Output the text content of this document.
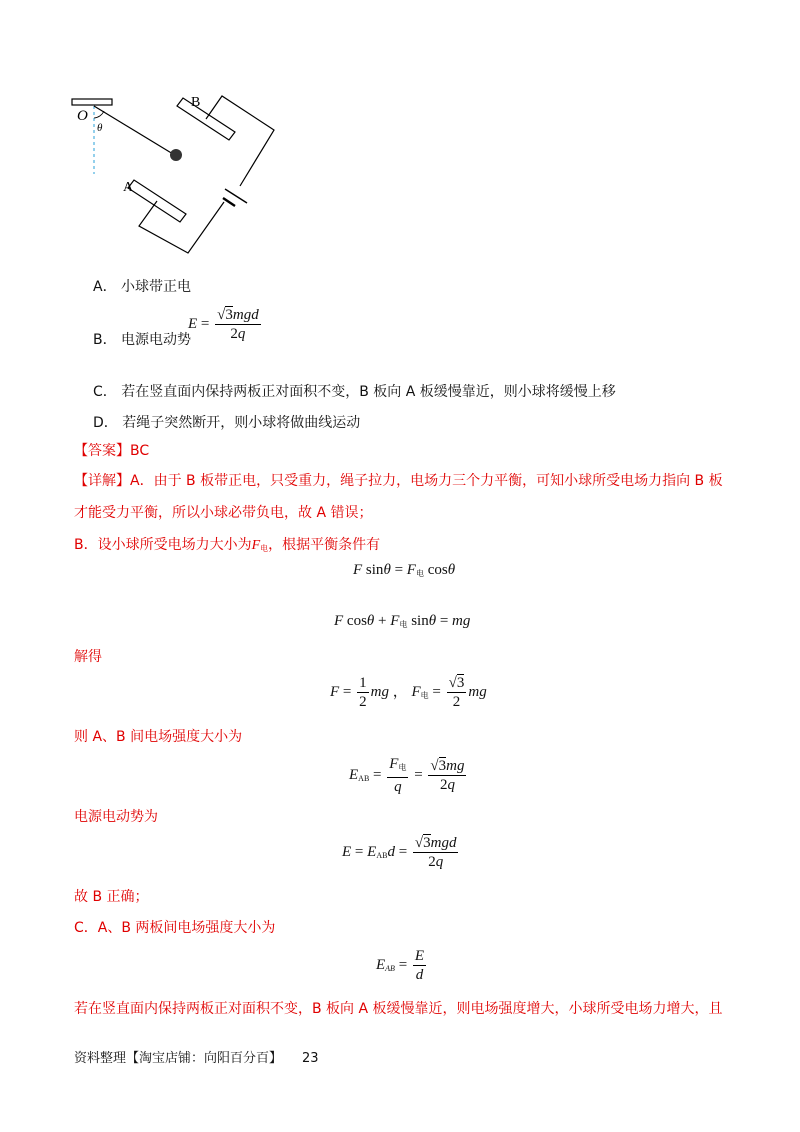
O
θ
B
A
A． 小球带正电
B． 电源电动势
$E = \frac{\text{√3mgd}}{2q}$
C． 若在竖直面内保持两板正对面积不变，B 板向 A 板缓慢靠近，则小球将缓慢上移
D． 若绳子突然断开，则小球将做曲线运动
【答案】BC
【详解】A．由于 B 板带正电，只受重力，绳子拉力，电场力三个力平衡，可知小球所受电场力指向 B 板
才能受力平衡，所以小球必带负电，故 A 错误；
B．设小球所受电场力大小为$F_电$，根据平衡条件有
F $\sin\theta = F_电$ cosθ
F $\cos\theta + F_电$ sinθ = mg
解得
$F = \frac{1}{2}$ mg ， $F_电 = \frac{√3}{2}$ mg
则 A、B 间电场强度大小为
$E_{AB} = \frac{F_电}{q} = \frac{√3mg}{2q}$
电源电动势为
$E = E_{AB}d = \frac{\text{√3mgd}}{2q}$
故 B 正确；
C．A、B 两板间电场强度大小为
$E_{AB} = \frac{E}{d}$
若在竖直面内保持两板正对面积不变，B 板向 A 板缓慢靠近，则电场强度增大，小球所受电场力增大，且
资料整理【淘宝店铺：向阳百分百】 23
